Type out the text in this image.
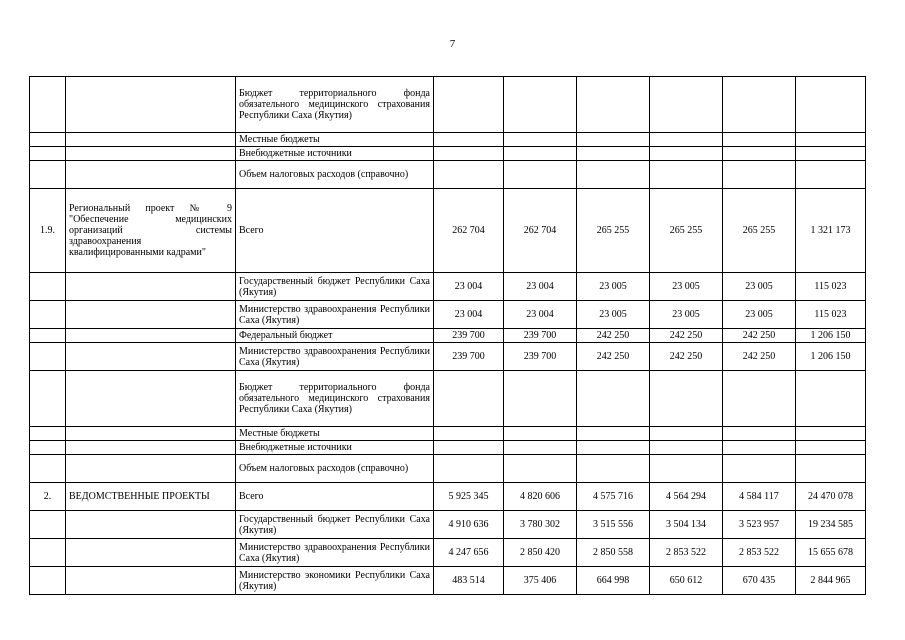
7
		Бюджет территориального фонда обязательного медицинского страхования Республики Саха (Якутия)						
		Местные бюджеты						
		Внебюджетные источники						
		Объем налоговых расходов (справочно)						
1.9.	Региональный проект № 9 "Обеспечение медицинских организаций системы здравоохранения квалифицированными кадрами"	Всего	262 704	262 704	265 255	265 255	265 255	1 321 173
		Государственный бюджет Республики Саха (Якутия)	23 004	23 004	23 005	23 005	23 005	115 023
		Министерство здравоохранения Республики Саха (Якутия)	23 004	23 004	23 005	23 005	23 005	115 023
		Федеральный бюджет	239 700	239 700	242 250	242 250	242 250	1 206 150
		Министерство здравоохранения Республики Саха (Якутия)	239 700	239 700	242 250	242 250	242 250	1 206 150
		Бюджет территориального фонда обязательного медицинского страхования Республики Саха (Якутия)						
		Местные бюджеты						
		Внебюджетные источники						
		Объем налоговых расходов (справочно)						
2.	ВЕДОМСТВЕННЫЕ ПРОЕКТЫ	Всего	5 925 345	4 820 606	4 575 716	4 564 294	4 584 117	24 470 078
		Государственный бюджет Республики Саха (Якутия)	4 910 636	3 780 302	3 515 556	3 504 134	3 523 957	19 234 585
		Министерство здравоохранения Республики Саха (Якутия)	4 247 656	2 850 420	2 850 558	2 853 522	2 853 522	15 655 678
		Министерство экономики Республики Саха (Якутия)	483 514	375 406	664 998	650 612	670 435	2 844 965
